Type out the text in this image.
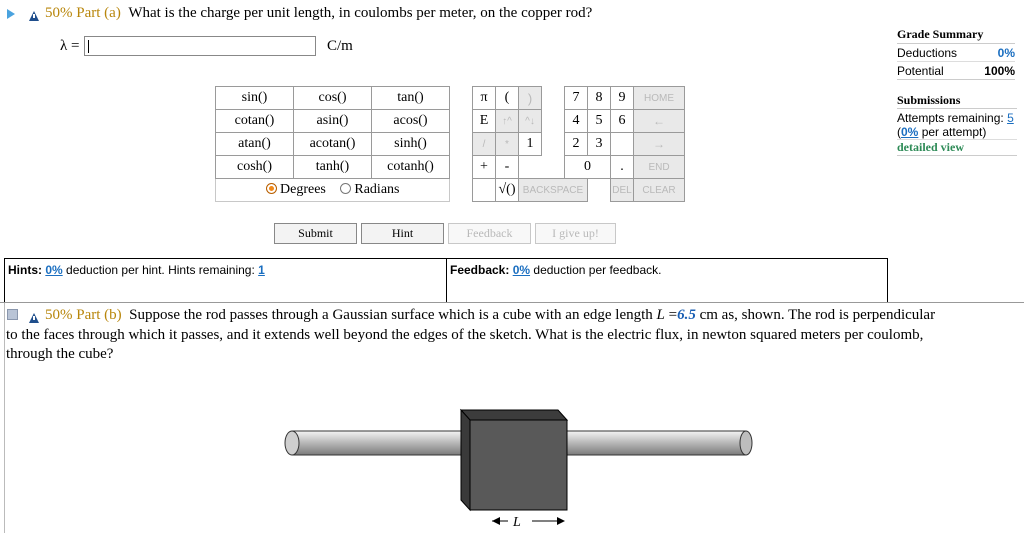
50% Part (a) What is the charge per unit length, in coulombs per meter, on the copper rod?
λ =	C/m
Grade Summary
Deductions	0%
Potential	100%
Submissions
Attempts remaining: 5
(0% per attempt)
detailed view
sin()	cos()	tan()		π	(	)		7	8	9	HOME
cotan()	asin()	acos()		E	↑^	^↓		4	5	6	←
atan()	acotan()	sinh()		/	*	1		2	3		→
cosh()	tanh()	cotanh()		+	-			0		.	END
Degrees Radians					√()	BACKSPACE				DEL	CLEAR
Submit	Hint	Feedback	I give up!
Hints: 0% deduction per hint. Hints remaining: 1	Feedback: 0% deduction per feedback.
50% Part (b) Suppose the rod passes through a Gaussian surface which is a cube with an edge length L =6.5 cm as, shown. The rod is perpendicular
to the faces through which it passes, and it extends well beyond the edges of the sketch. What is the electric flux, in newton squared meters per coulomb,
through the cube?
L
